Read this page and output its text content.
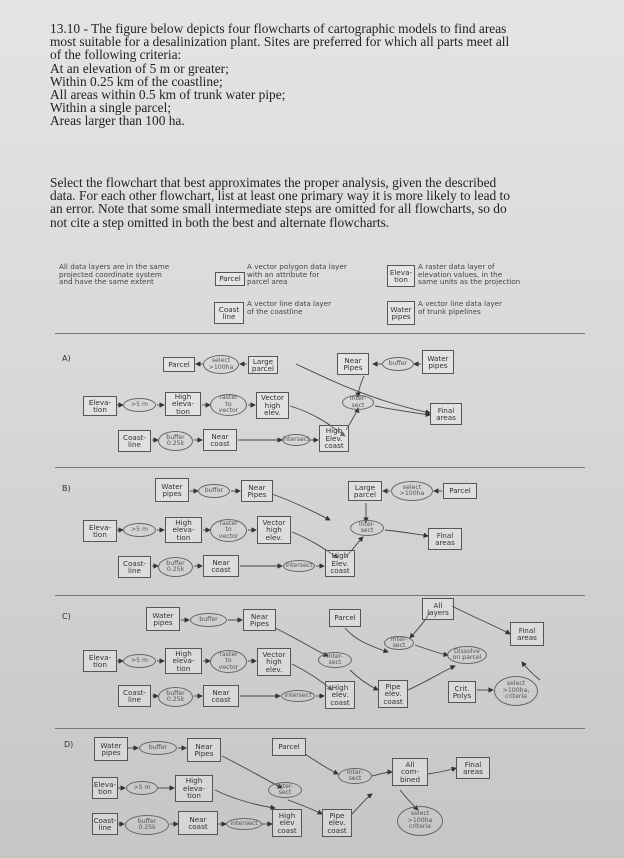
13.10 - The figure below depicts four flowcharts of cartographic models to find areas
most suitable for a desalinization plant. Sites are preferred for which all parts meet all
of the following criteria:
At an elevation of 5 m or greater;
Within 0.25 km of the coastline;
All areas within 0.5 km of trunk water pipe;
Within a single parcel;
Areas larger than 100 ha.
Select the flowchart that best approximates the proper analysis, given the described
data. For each other flowchart, list at least one primary way it is more likely to lead to
an error. Note that some small intermediate steps are omitted for all flowcharts, so do
not cite a step omitted in both the best and alternate flowcharts.
All data layers are in the same
projected coordinate system
and have the same extent	Parcel
A vector polygon data layer
with an attribute for
parcel area
Coast
line
A vector line data layer
of the coastline
Eleva-
tion
A raster data layer of
elevation values, in the
same units as the projection
Water
pipes
A vector line data layer
of trunk pipelines
A)
Parcel	select
>100ha
Large
parcel
Near
Pipes	buffer
Water
pipes
Eleva-
tion
>5 m
High
eleva-
tion
raster
to
vector
Vector
high
elev.
Inter-
sect
Final
areas
Coast-
line
buffer
0.25k
Near
coast	intersect
High
Elev.
coast
B)	Water
pipes	buffer	Near
Pipes
Large
parcel
select
>100ha	Parcel
Eleva-
tion
>5 m
High
eleva-
tion
raster
to
vector
Vector
high
elev.
Inter-
sect
Final
areas
Coast-
line
buffer
0.25k
Near
coast	intersect
High
Elev.
coast
C)	Water
pipes	buffer	Near
Pipes
Parcel
All
layers
Final
areas
Inter-
sect
Dissolve
on parcel
Eleva-
tion	>5 m
High
eleva-
tion
raster
to
vector
Vector
high
elev.
Inter-
sect
Coast-
line
buffer
0.25k
Near
coast	intersect
High
elev.
coast
Pipe
elev.
coast
Crit.
Polys
select
>100ha,
criteria
D)	Water
pipes
buffer	Near
Pipes
Parcel
Inter-
sect
All
com-
bined
Final
areas
Eleva-
tion	>5 m
High
eleva-
tion
Inter-
sect
Coast-
line
buffer
0.25k
Near
coast	intersect
High
elev
coast
Pipe
elev.
coast
select
>100ha
criteria
